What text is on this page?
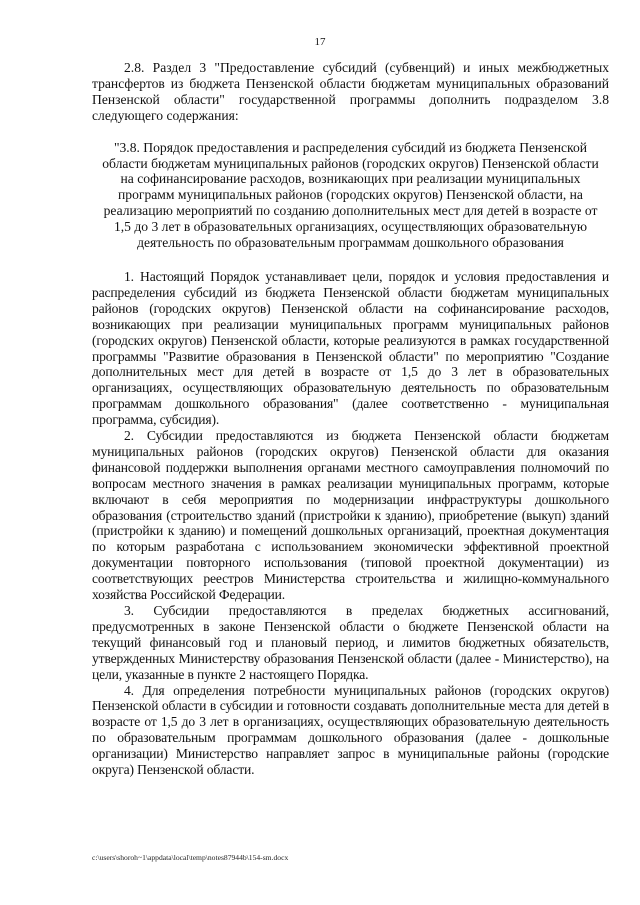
17

2.8. Раздел 3 "Предоставление субсидий (субвенций) и иных межбюджетных трансфертов из бюджета Пензенской области бюджетам муниципальных образований Пензенской области" государственной программы дополнить подразделом 3.8 следующего содержания:

"3.8. Порядок предоставления и распределения субсидий из бюджета Пензенской области бюджетам муниципальных районов (городских округов) Пензенской области на софинансирование расходов, возникающих при реализации муниципальных программ муниципальных районов (городских округов) Пензенской области, на реализацию мероприятий по созданию дополнительных мест для детей в возрасте от 1,5 до 3 лет в образовательных организациях, осуществляющих образовательную деятельность по образовательным программам дошкольного образования

1. Настоящий Порядок устанавливает цели, порядок и условия предоставления и распределения субсидий из бюджета Пензенской области бюджетам муниципальных районов (городских округов) Пензенской области на софинансирование расходов, возникающих при реализации муниципальных программ муниципальных районов (городских округов) Пензенской области, которые реализуются в рамках государственной программы "Развитие образования в Пензенской области" по мероприятию "Создание дополнительных мест для детей в возрасте от 1,5 до 3 лет в образовательных организациях, осуществляющих образовательную деятельность по образовательным программам дошкольного образования" (далее соответственно - муниципальная программа, субсидия).

2. Субсидии предоставляются из бюджета Пензенской области бюджетам муниципальных районов (городских округов) Пензенской области для оказания финансовой поддержки выполнения органами местного самоуправления полномочий по вопросам местного значения в рамках реализации муниципальных программ, которые включают в себя мероприятия по модернизации инфраструктуры дошкольного образования (строительство зданий (пристройки к зданию), приобретение (выкуп) зданий (пристройки к зданию) и помещений дошкольных организаций, проектная документация по которым разработана с использованием экономически эффективной проектной документации повторного использования (типовой проектной документации) из соответствующих реестров Министерства строительства и жилищно-коммунального хозяйства Российской Федерации.

3. Субсидии предоставляются в пределах бюджетных ассигнований, предусмотренных в законе Пензенской области о бюджете Пензенской области на текущий финансовый год и плановый период, и лимитов бюджетных обязательств, утвержденных Министерству образования Пензенской области (далее - Министерство), на цели, указанные в пункте 2 настоящего Порядка.

4. Для определения потребности муниципальных районов (городских округов) Пензенской области в субсидии и готовности создавать дополнительные места для детей в возрасте от 1,5 до 3 лет в организациях, осуществляющих образовательную деятельность по образовательным программам дошкольного образования (далее - дошкольные организации) Министерство направляет запрос в муниципальные районы (городские округа) Пензенской области.

c:\users\shoroh~1\appdata\local\temp\notes87944b\154-sm.docx
